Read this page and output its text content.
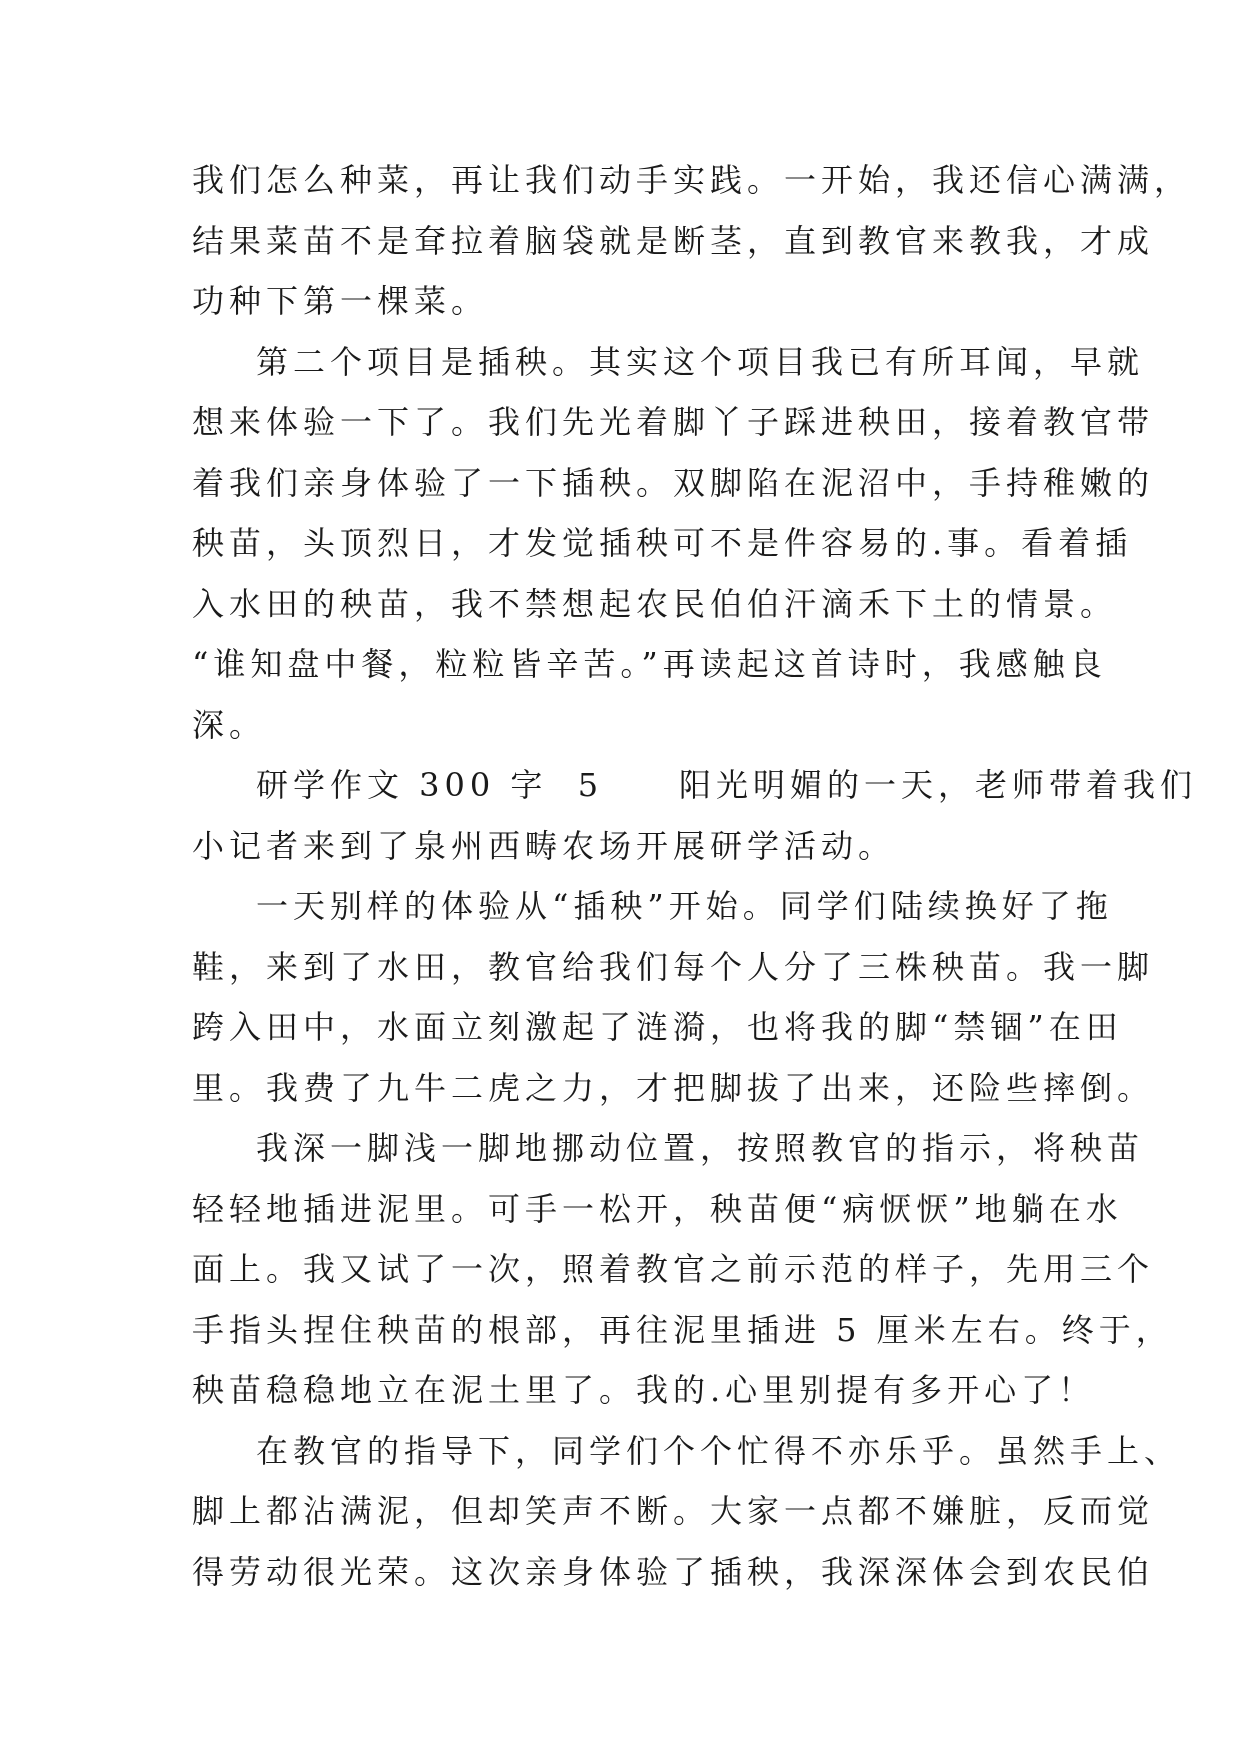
我们怎么种菜，再让我们动手实践。一开始，我还信心满满，
结果菜苗不是耷拉着脑袋就是断茎，直到教官来教我，才成
功种下第一棵菜。
第二个项目是插秧。其实这个项目我已有所耳闻，早就
想来体验一下了。我们先光着脚丫子踩进秧田，接着教官带
着我们亲身体验了一下插秧。双脚陷在泥沼中，手持稚嫩的
秧苗，头顶烈日，才发觉插秧可不是件容易的.事。看着插
入水田的秧苗，我不禁想起农民伯伯汗滴禾下土的情景。
“谁知盘中餐，粒粒皆辛苦。”再读起这首诗时，我感触良
深。
研学作文 300 字  5     阳光明媚的一天，老师带着我们
小记者来到了泉州西畴农场开展研学活动。
一天别样的体验从“插秧”开始。同学们陆续换好了拖
鞋，来到了水田，教官给我们每个人分了三株秧苗。我一脚
跨入田中，水面立刻激起了涟漪，也将我的脚“禁锢”在田
里。我费了九牛二虎之力，才把脚拔了出来，还险些摔倒。
我深一脚浅一脚地挪动位置，按照教官的指示，将秧苗
轻轻地插进泥里。可手一松开，秧苗便“病恹恹”地躺在水
面上。我又试了一次，照着教官之前示范的样子，先用三个
手指头捏住秧苗的根部，再往泥里插进 5 厘米左右。终于，
秧苗稳稳地立在泥土里了。我的.心里别提有多开心了！
在教官的指导下，同学们个个忙得不亦乐乎。虽然手上、
脚上都沾满泥，但却笑声不断。大家一点都不嫌脏，反而觉
得劳动很光荣。这次亲身体验了插秧，我深深体会到农民伯
